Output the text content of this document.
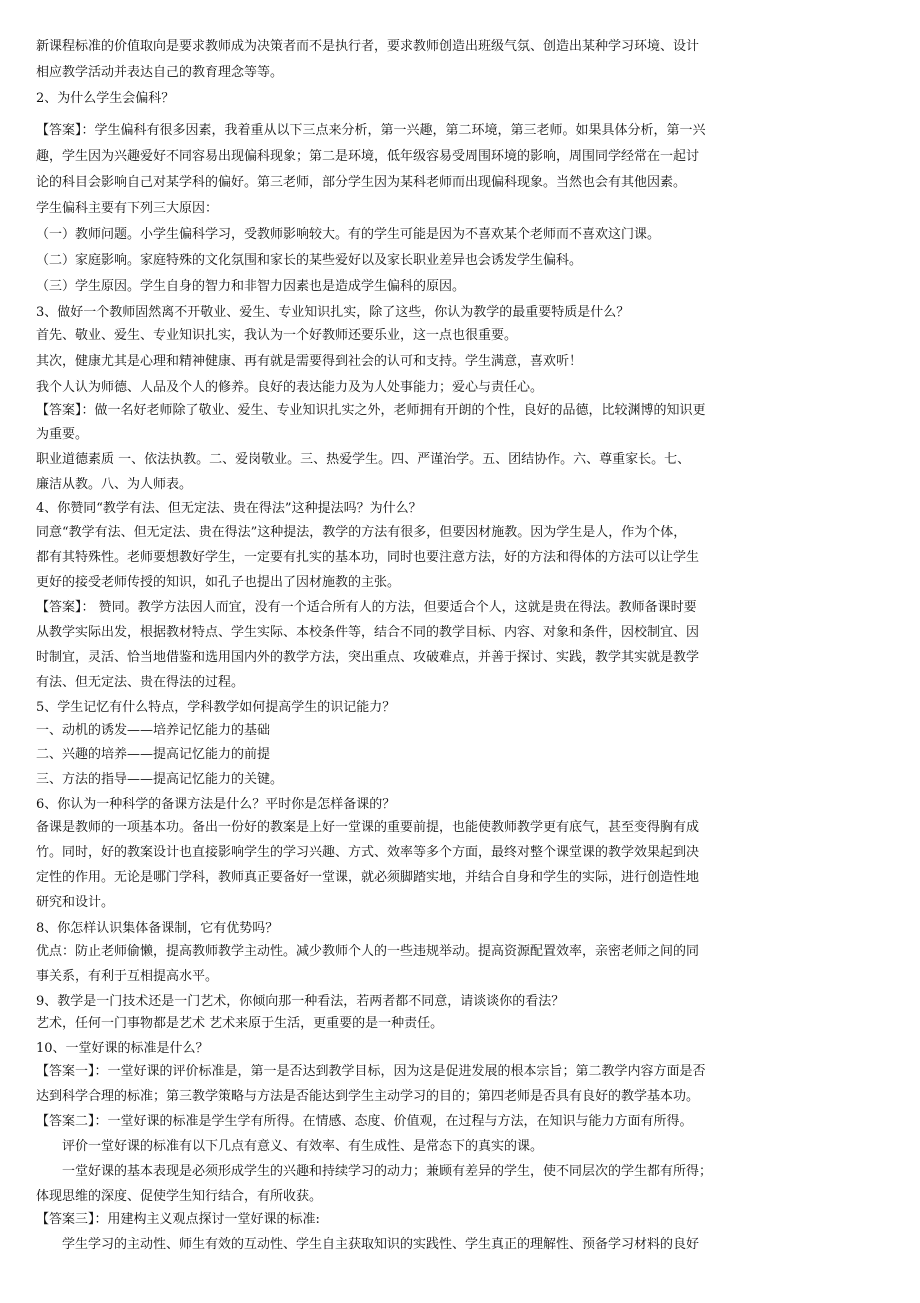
新课程标准的价值取向是要求教师成为决策者而不是执行者，要求教师创造出班级气氛、创造出某种学习环境、设计
相应教学活动并表达自己的教育理念等等。
2、为什么学生会偏科？
【答案】：学生偏科有很多因素，我着重从以下三点来分析，第一兴趣，第二环境，第三老师。如果具体分析，第一兴
趣，学生因为兴趣爱好不同容易出现偏科现象；第二是环境，低年级容易受周围环境的影响，周围同学经常在一起讨
论的科目会影响自己对某学科的偏好。第三老师，部分学生因为某科老师而出现偏科现象。当然也会有其他因素。
学生偏科主要有下列三大原因：
（一）教师问题。小学生偏科学习，受教师影响较大。有的学生可能是因为不喜欢某个老师而不喜欢这门课。
（二）家庭影响。家庭特殊的文化氛围和家长的某些爱好以及家长职业差异也会诱发学生偏科。
（三）学生原因。学生自身的智力和非智力因素也是造成学生偏科的原因。
3、做好一个教师固然离不开敬业、爱生、专业知识扎实，除了这些，你认为教学的最重要特质是什么？
首先、敬业、爱生、专业知识扎实，我认为一个好教师还要乐业，这一点也很重要。
其次，健康尤其是心理和精神健康、再有就是需要得到社会的认可和支持。学生满意，喜欢听！
我个人认为师德、人品及个人的修养。良好的表达能力及为人处事能力；爱心与责任心。
【答案】：做一名好老师除了敬业、爱生、专业知识扎实之外，老师拥有开朗的个性，良好的品德，比较渊博的知识更
为重要。
职业道德素质 一、依法执教。二、爱岗敬业。三、热爱学生。四、严谨治学。五、团结协作。六、尊重家长。七、
廉洁从教。八、为人师表。
4、你赞同“教学有法、但无定法、贵在得法”这种提法吗？为什么？
同意“教学有法、但无定法、贵在得法”这种提法，教学的方法有很多，但要因材施教。因为学生是人，作为个体，
都有其特殊性。老师要想教好学生，一定要有扎实的基本功，同时也要注意方法，好的方法和得体的方法可以让学生
更好的接受老师传授的知识，如孔子也提出了因材施教的主张。
【答案】： 赞同。教学方法因人而宜，没有一个适合所有人的方法，但要适合个人，这就是贵在得法。教师备课时要
从教学实际出发，根据教材特点、学生实际、本校条件等，结合不同的教学目标、内容、对象和条件，因校制宜、因
时制宜，灵活、恰当地借鉴和选用国内外的教学方法，突出重点、攻破难点，并善于探讨、实践，教学其实就是教学
有法、但无定法、贵在得法的过程。
5、学生记忆有什么特点，学科教学如何提高学生的识记能力？
一、动机的诱发——培养记忆能力的基础
二、兴趣的培养——提高记忆能力的前提
三、方法的指导——提高记忆能力的关键。
6、你认为一种科学的备课方法是什么？平时你是怎样备课的？
备课是教师的一项基本功。备出一份好的教案是上好一堂课的重要前提，也能使教师教学更有底气，甚至变得胸有成
竹。同时，好的教案设计也直接影响学生的学习兴趣、方式、效率等多个方面，最终对整个课堂课的教学效果起到决
定性的作用。无论是哪门学科，教师真正要备好一堂课，就必须脚踏实地，并结合自身和学生的实际，进行创造性地
研究和设计。
8、你怎样认识集体备课制，它有优势吗？
优点：防止老师偷懒，提高教师教学主动性。减少教师个人的一些违规举动。提高资源配置效率，亲密老师之间的同
事关系，有利于互相提高水平。
9、教学是一门技术还是一门艺术，你倾向那一种看法，若两者都不同意，请谈谈你的看法？
艺术，任何一门事物都是艺术 艺术来原于生活，更重要的是一种责任。
10、一堂好课的标准是什么？
【答案一】：一堂好课的评价标准是，第一是否达到教学目标，因为这是促进发展的根本宗旨；第二教学内容方面是否
达到科学合理的标准；第三教学策略与方法是否能达到学生主动学习的目的；第四老师是否具有良好的教学基本功。
【答案二】：一堂好课的标准是学生学有所得。在情感、态度、价值观，在过程与方法，在知识与能力方面有所得。
评价一堂好课的标准有以下几点有意义、有效率、有生成性、是常态下的真实的课。
一堂好课的基本表现是必须形成学生的兴趣和持续学习的动力；兼顾有差异的学生，使不同层次的学生都有所得；
体现思维的深度、促使学生知行结合，有所收获。
【答案三】：用建构主义观点探讨一堂好课的标准:
学生学习的主动性、师生有效的互动性、学生自主获取知识的实践性、学生真正的理解性、预备学习材料的良好
